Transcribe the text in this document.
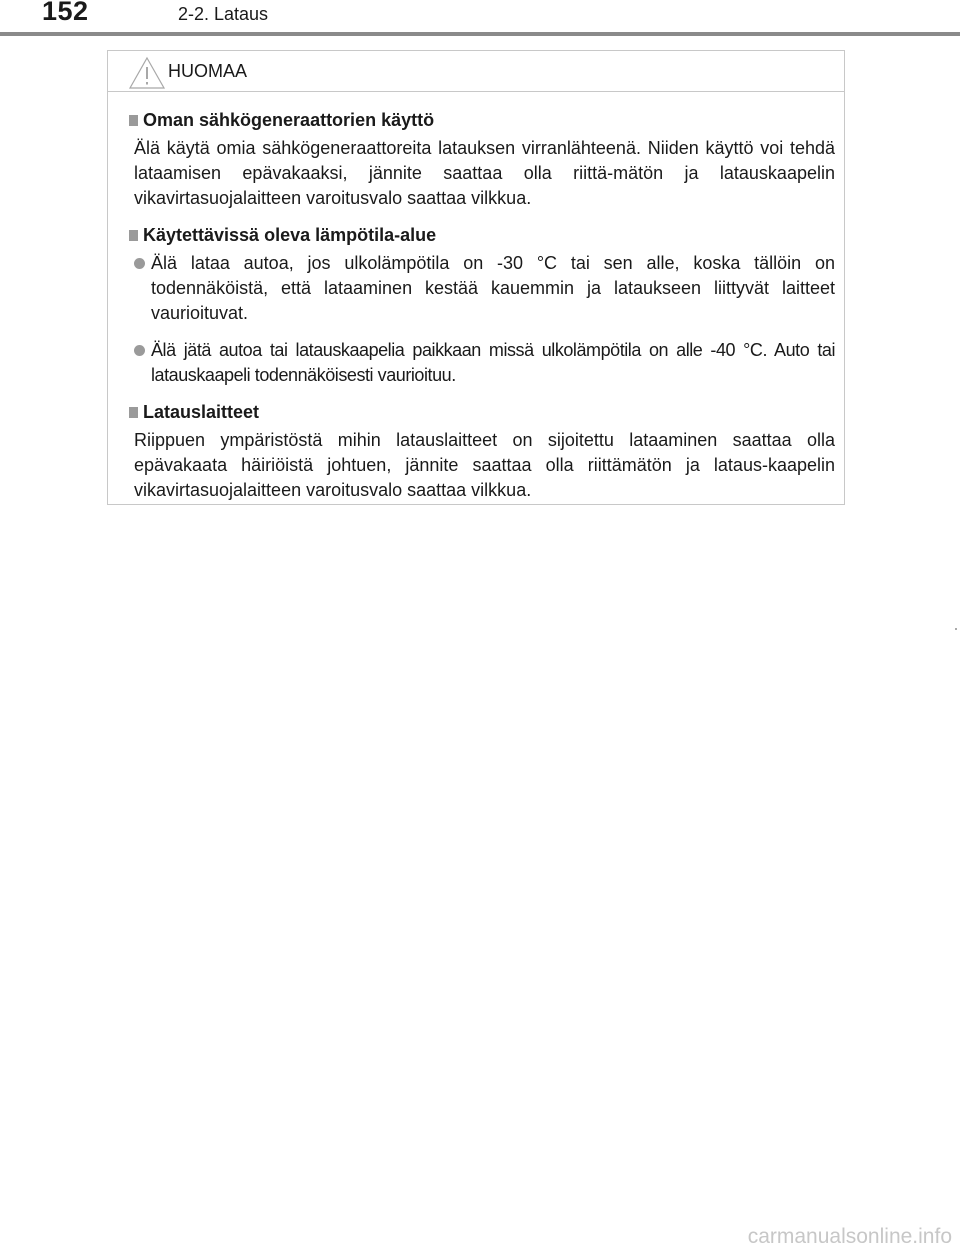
152	2-2. Lataus
HUOMAA
Oman sähkögeneraattorien käyttö
Älä käytä omia sähkögeneraattoreita latauksen virranlähteenä. Niiden käyttö voi tehdä lataamisen epävakaaksi, jännite saattaa olla riittä-mätön ja latauskaapelin vikavirtasuojalaitteen varoitusvalo saattaa vilkkua.
Käytettävissä oleva lämpötila-alue
Älä lataa autoa, jos ulkolämpötila on -30 °C tai sen alle, koska tällöin on todennäköistä, että lataaminen kestää kauemmin ja lataukseen liittyvät laitteet vaurioituvat.
Älä jätä autoa tai latauskaapelia paikkaan missä ulkolämpötila on alle -40 °C. Auto tai latauskaapeli todennäköisesti vaurioituu.
Latauslaitteet
Riippuen ympäristöstä mihin latauslaitteet on sijoitettu lataaminen saattaa olla epävakaata häiriöistä johtuen, jännite saattaa olla riittämätön ja lataus-kaapelin vikavirtasuojalaitteen varoitusvalo saattaa vilkkua.
carmanualsonline.info
